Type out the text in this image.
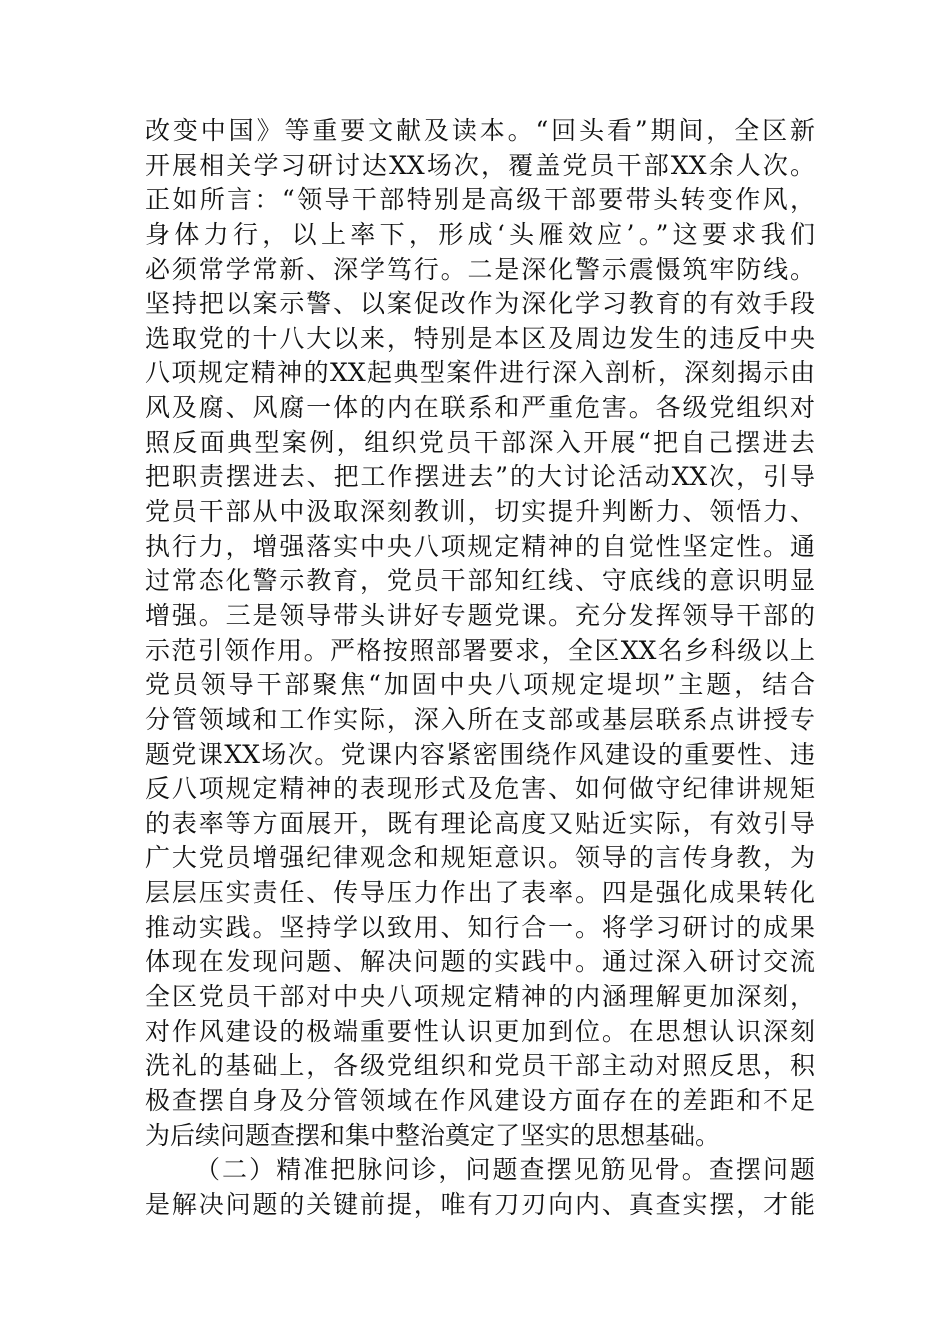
改变中国》等重要文献及读本。“回头看”期间，全区新
开展相关学习研讨达XX场次，覆盖党员干部XX余人次。
正如所言：“领导干部特别是高级干部要带头转变作风，
身体力行，以上率下，形成‘头雁效应’。”这要求我们
必须常学常新、深学笃行。二是深化警示震慑筑牢防线。
坚持把以案示警、以案促改作为深化学习教育的有效手段
选取党的十八大以来，特别是本区及周边发生的违反中央
八项规定精神的XX起典型案件进行深入剖析，深刻揭示由
风及腐、风腐一体的内在联系和严重危害。各级党组织对
照反面典型案例，组织党员干部深入开展“把自己摆进去
把职责摆进去、把工作摆进去”的大讨论活动XX次，引导
党员干部从中汲取深刻教训，切实提升判断力、领悟力、
执行力，增强落实中央八项规定精神的自觉性坚定性。通
过常态化警示教育，党员干部知红线、守底线的意识明显
增强。三是领导带头讲好专题党课。充分发挥领导干部的
示范引领作用。严格按照部署要求，全区XX名乡科级以上
党员领导干部聚焦“加固中央八项规定堤坝”主题，结合
分管领域和工作实际，深入所在支部或基层联系点讲授专
题党课XX场次。党课内容紧密围绕作风建设的重要性、违
反八项规定精神的表现形式及危害、如何做守纪律讲规矩
的表率等方面展开，既有理论高度又贴近实际，有效引导
广大党员增强纪律观念和规矩意识。领导的言传身教，为
层层压实责任、传导压力作出了表率。四是强化成果转化
推动实践。坚持学以致用、知行合一。将学习研讨的成果
体现在发现问题、解决问题的实践中。通过深入研讨交流
全区党员干部对中央八项规定精神的内涵理解更加深刻，
对作风建设的极端重要性认识更加到位。在思想认识深刻
洗礼的基础上，各级党组织和党员干部主动对照反思，积
极查摆自身及分管领域在作风建设方面存在的差距和不足
为后续问题查摆和集中整治奠定了坚实的思想基础。
（二）精准把脉问诊，问题查摆见筋见骨。查摆问题
是解决问题的关键前提，唯有刀刃向内、真查实摆，才能
